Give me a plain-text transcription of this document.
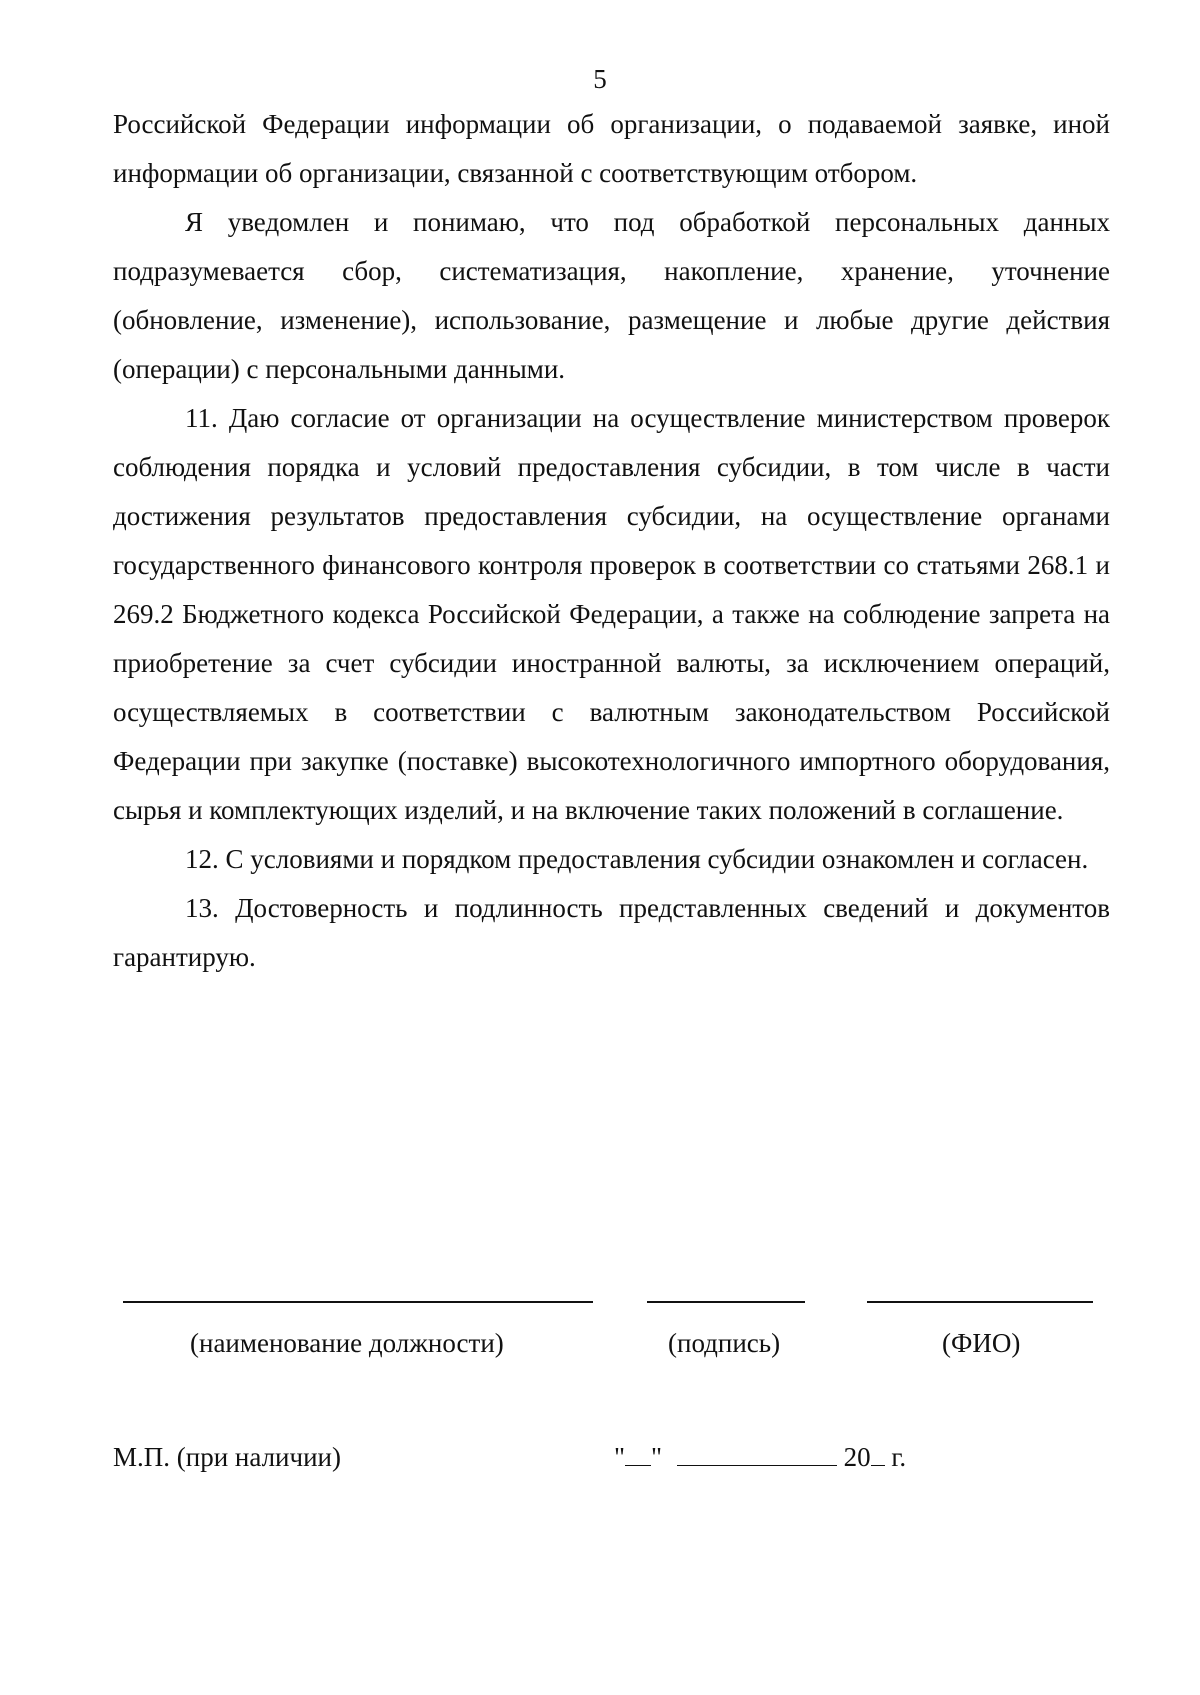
5

Российской Федерации информации об организации, о подаваемой заявке, иной информации об организации, связанной с соответствующим отбором.

Я уведомлен и понимаю, что под обработкой персональных данных подразумевается сбор, систематизация, накопление, хранение, уточнение (обновление, изменение), использование, размещение и любые другие действия (операции) с персональными данными.

11. Даю согласие от организации на осуществление министерством проверок соблюдения порядка и условий предоставления субсидии, в том числе в части достижения результатов предоставления субсидии, на осуществление органами государственного финансового контроля проверок в соответствии со статьями 268.1 и 269.2 Бюджетного кодекса Российской Федерации, а также на соблюдение запрета на приобретение за счет субсидии иностранной валюты, за исключением операций, осуществляемых в соответствии с валютным законодательством Российской Федерации при закупке (поставке) высокотехнологичного импортного оборудования, сырья и комплектующих изделий, и на включение таких положений в соглашение.

12. С условиями и порядком предоставления субсидии ознакомлен и согласен.

13. Достоверность и подлинность представленных сведений и документов гарантирую.

(наименование должности)	(подпись)	(ФИО)
М.П. (при наличии)	" "	20 г.
